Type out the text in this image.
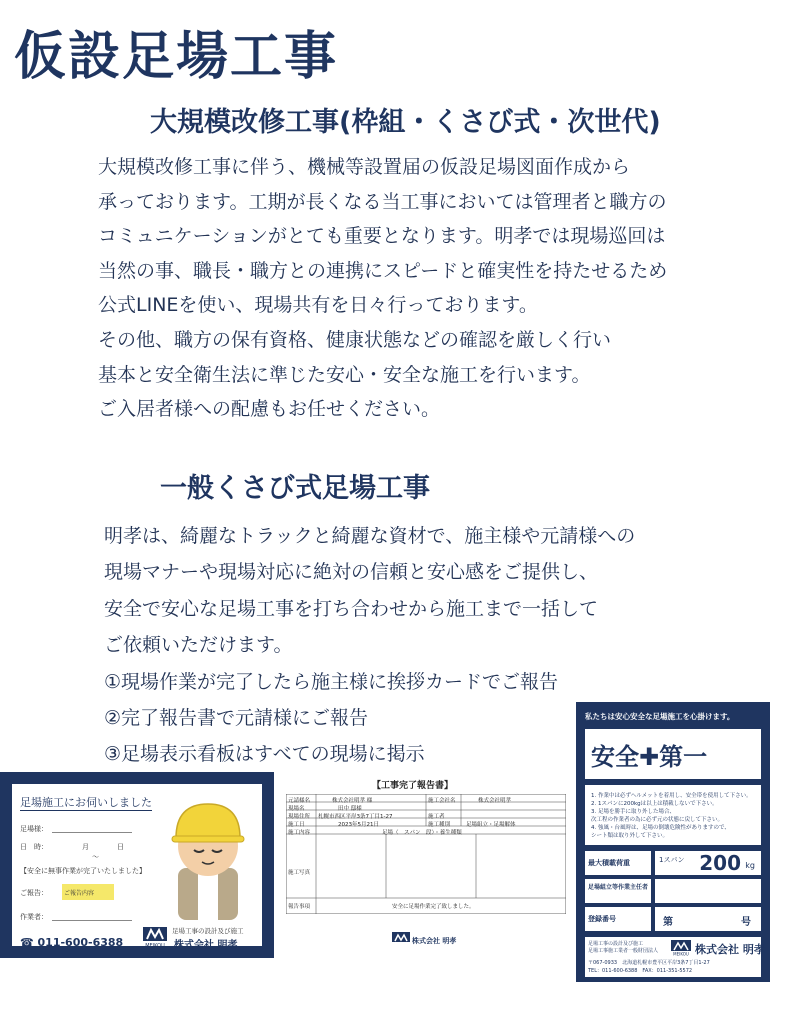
仮設足場工事
大規模改修工事(枠組・くさび式・次世代)
大規模改修工事に伴う、機械等設置届の仮設足場図面作成から
承っております。工期が長くなる当工事においては管理者と職方の
コミュニケーションがとても重要となります。明孝では現場巡回は
当然の事、職長・職方との連携にスピードと確実性を持たせるため
公式LINEを使い、現場共有を日々行っております。
その他、職方の保有資格、健康状態などの確認を厳しく行い
基本と安全衛生法に準じた安心・安全な施工を行います。
ご入居者様への配慮もお任せください。
一般くさび式足場工事
明孝は、綺麗なトラックと綺麗な資材で、施主様や元請様への
現場マナーや現場対応に絶対の信頼と安心感をご提供し、
安全で安心な足場工事を打ち合わせから施工まで一括して
ご依頼いただけます。
①現場作業が完了したら施主様に挨拶カードでご報告
②完了報告書で元請様にご報告
③足場表示看板はすべての現場に掲示
足場施工にお伺いしました
足場様：
日　時：	月	日
〜
【安全に無事作業が完了いたしました】
ご報告：	ご報告内容
作業者：
☎ 011-600-6388	MEIKOU
足場工事の設計及び施工
株式会社 明孝
【工事完了報告書】
元請様名	株式会社明孝 様	施工会社名	株式会社明孝
現場名	田中 邸様
現場住所 札幌市西区平岸3条7丁目1-27	施工者
施工日	2023年5月21日	施工種別	足場組立・足場解体
施工内容	足場（　スパン　段）・養生種類
施工写真
報告事項	安全に足場作業完了致しました。
株式会社 明孝
私たちは安心安全な足場施工を心掛けます。
安全✚第一
1. 作業中は必ずヘルメットを着用し、安全帯を使用して下さい。
2. 1スパンに200kgは以上は積載しないで下さい。
3. 足場を勝手に取り外した場合、
次工程の作業者の為に必ず元の状態に戻して下さい。
4. 強風・台風時は、足場の倒壊危険性がありますので、
シート類は取り外して下さい。
最大積載荷重	1スパン 200 kg
足場組立等作業主任者
登録番号	第	号
足場工事の設計及び施工
足場工事施工業者一般財団法人	MEIKOU 株式会社 明孝
〒067-0933　北海道札幌市豊平区平岸3条7丁目1-27
TEL：011-600-6388　FAX：011-351-5572
